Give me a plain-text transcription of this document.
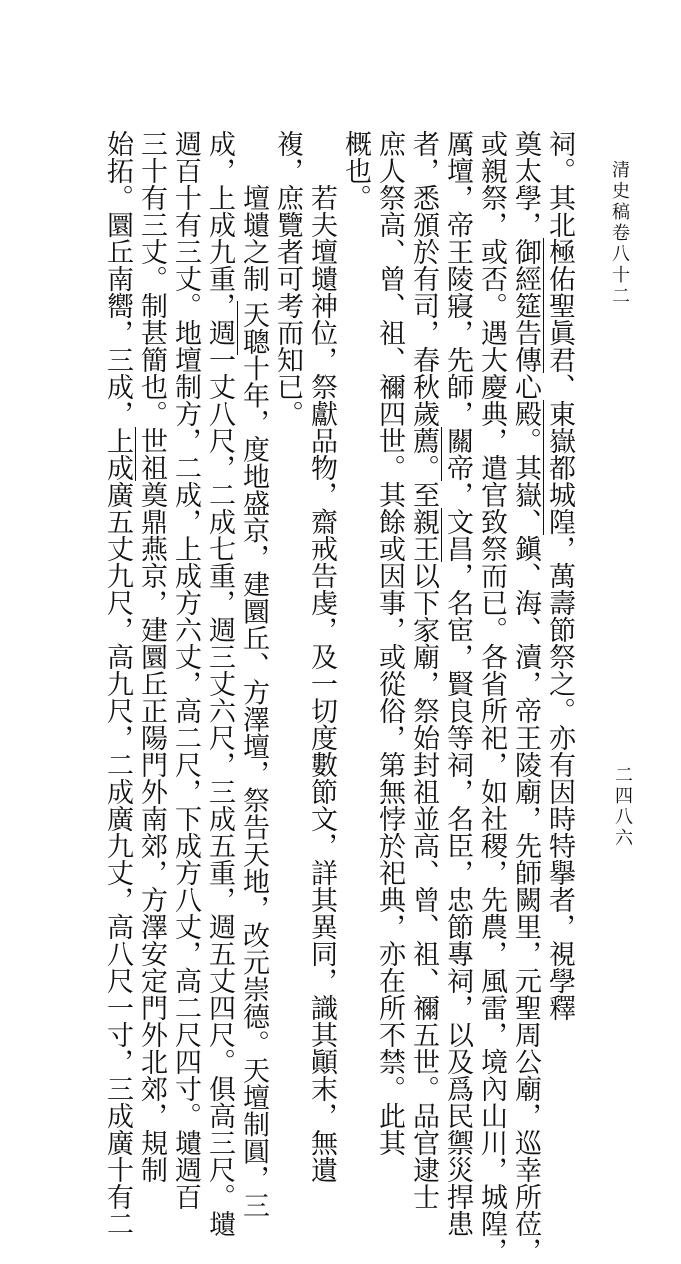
清史稿卷八十二
二四八六
祠。其北極佑聖眞君、東嶽都城隍，萬壽節祭之。亦有因時特擧者，視學釋
奠太學，御經筵告傳心殿。其嶽、鎭、海、瀆，帝王陵廟，先師闕里，元聖周公廟，巡幸所莅，
或親祭，或否。遇大慶典，遣官致祭而已。各省所祀，如社稷，先農，風雷，境內山川，城隍，
厲壇，帝王陵寢，先師，關帝，文昌，名宦，賢良等祠，名臣，忠節專祠，以及爲民禦災捍患
者，悉頒於有司，春秋歲薦。至親王以下家廟，祭始封祖並高、曾、祖、禰五世。品官逮士
庶人祭高、曾、祖、禰四世。其餘或因事，或從俗，第無悖於祀典，亦在所不禁。此其
概也。
若夫壇壝神位，祭獻品物，齋戒告虔，及一切度數節文，詳其異同，識其顚末，無遺
複，庶覽者可考而知已。
壇壝之制 天聰十年，度地盛京，建圜丘、方澤壇，祭告天地，改元崇德。天壇制圓，三
成，上成九重，週一丈八尺，二成七重，週三丈六尺，三成五重，週五丈四尺。俱高三尺。壝
週百十有三丈。地壇制方，二成，上成方六丈，高二尺，下成方八丈，高二尺四寸。壝週百
三十有三丈。制甚簡也。世祖奠鼎燕京，建圜丘正陽門外南郊，方澤安定門外北郊，規制
始拓。圜丘南嚮，三成，上成廣五丈九尺，高九尺，二成廣九丈，高八尺一寸，三成廣十有二
